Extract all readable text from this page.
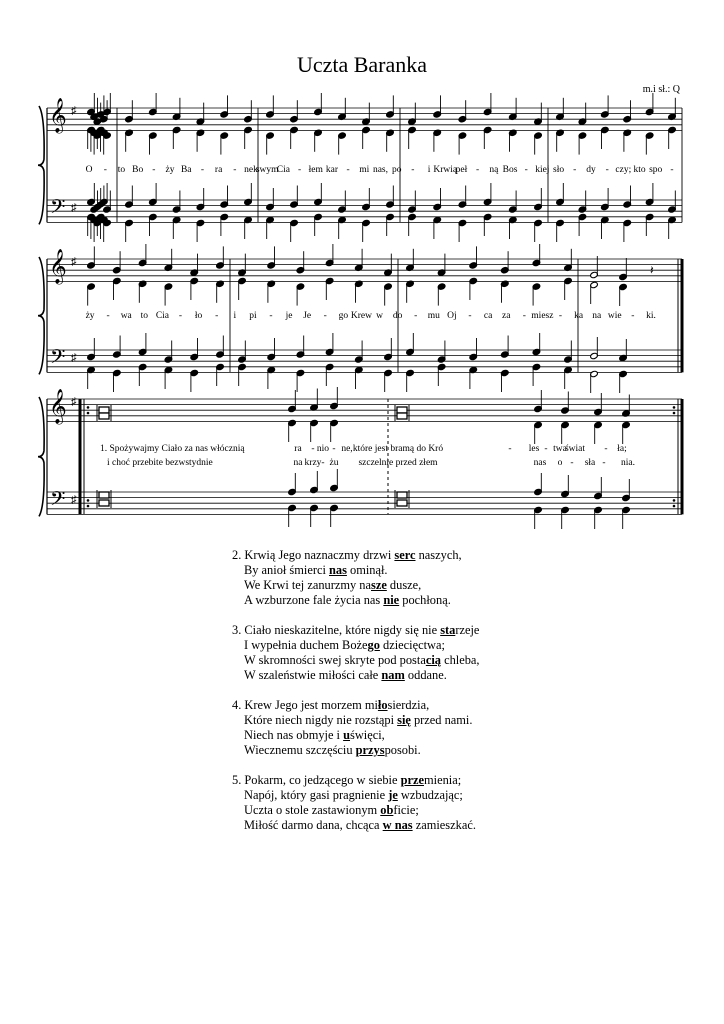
Uczta Baranka
m.i sł.: Q
𝄞 ♯
𝄢 ♯
O - to Bo - ży Ba - ra - nek
swym
Cia - łem kar - mi nas, po - i Krwią
peł - ną Bos - kiej sło - dy - czy; kto spo -
𝄞 ♯
𝄢 ♯
𝄽
ży - wa to Cia - ło - i pi - je Je - go Krew w do - mu Oj - ca za - miesz - ka na wie - ki.
𝄞 ♯
𝄢 ♯
1. Spożywajmy Ciało za nas włócznią	ra - nio - ne, które jest bramą do Kró	- les - twa
świat - ła;
i choć przebite bezwstydnie	na krzy - żu szczelnie przed złem	nas o - sła - nia.
2. Krwią Jego naznaczmy drzwi serc naszych,
By anioł śmierci nas ominął.
We Krwi tej zanurzmy nasze dusze,
A wzburzone fale życia nas nie pochłoną.
3. Ciało nieskazitelne, które nigdy się nie starzeje
I wypełnia duchem Bożego dziecięctwa;
W skromności swej skryte pod postacią chleba,
W szaleństwie miłości całe nam oddane.
4. Krew Jego jest morzem miłosierdzia,
Które niech nigdy nie rozstąpi się przed nami.
Niech nas obmyje i uświęci,
Wiecznemu szczęściu przysposobi.
5. Pokarm, co jedzącego w siebie przemienia;
Napój, który gasi pragnienie je wzbudzając;
Uczta o stole zastawionym obficie;
Miłość darmo dana, chcąca w nas zamieszkać.
